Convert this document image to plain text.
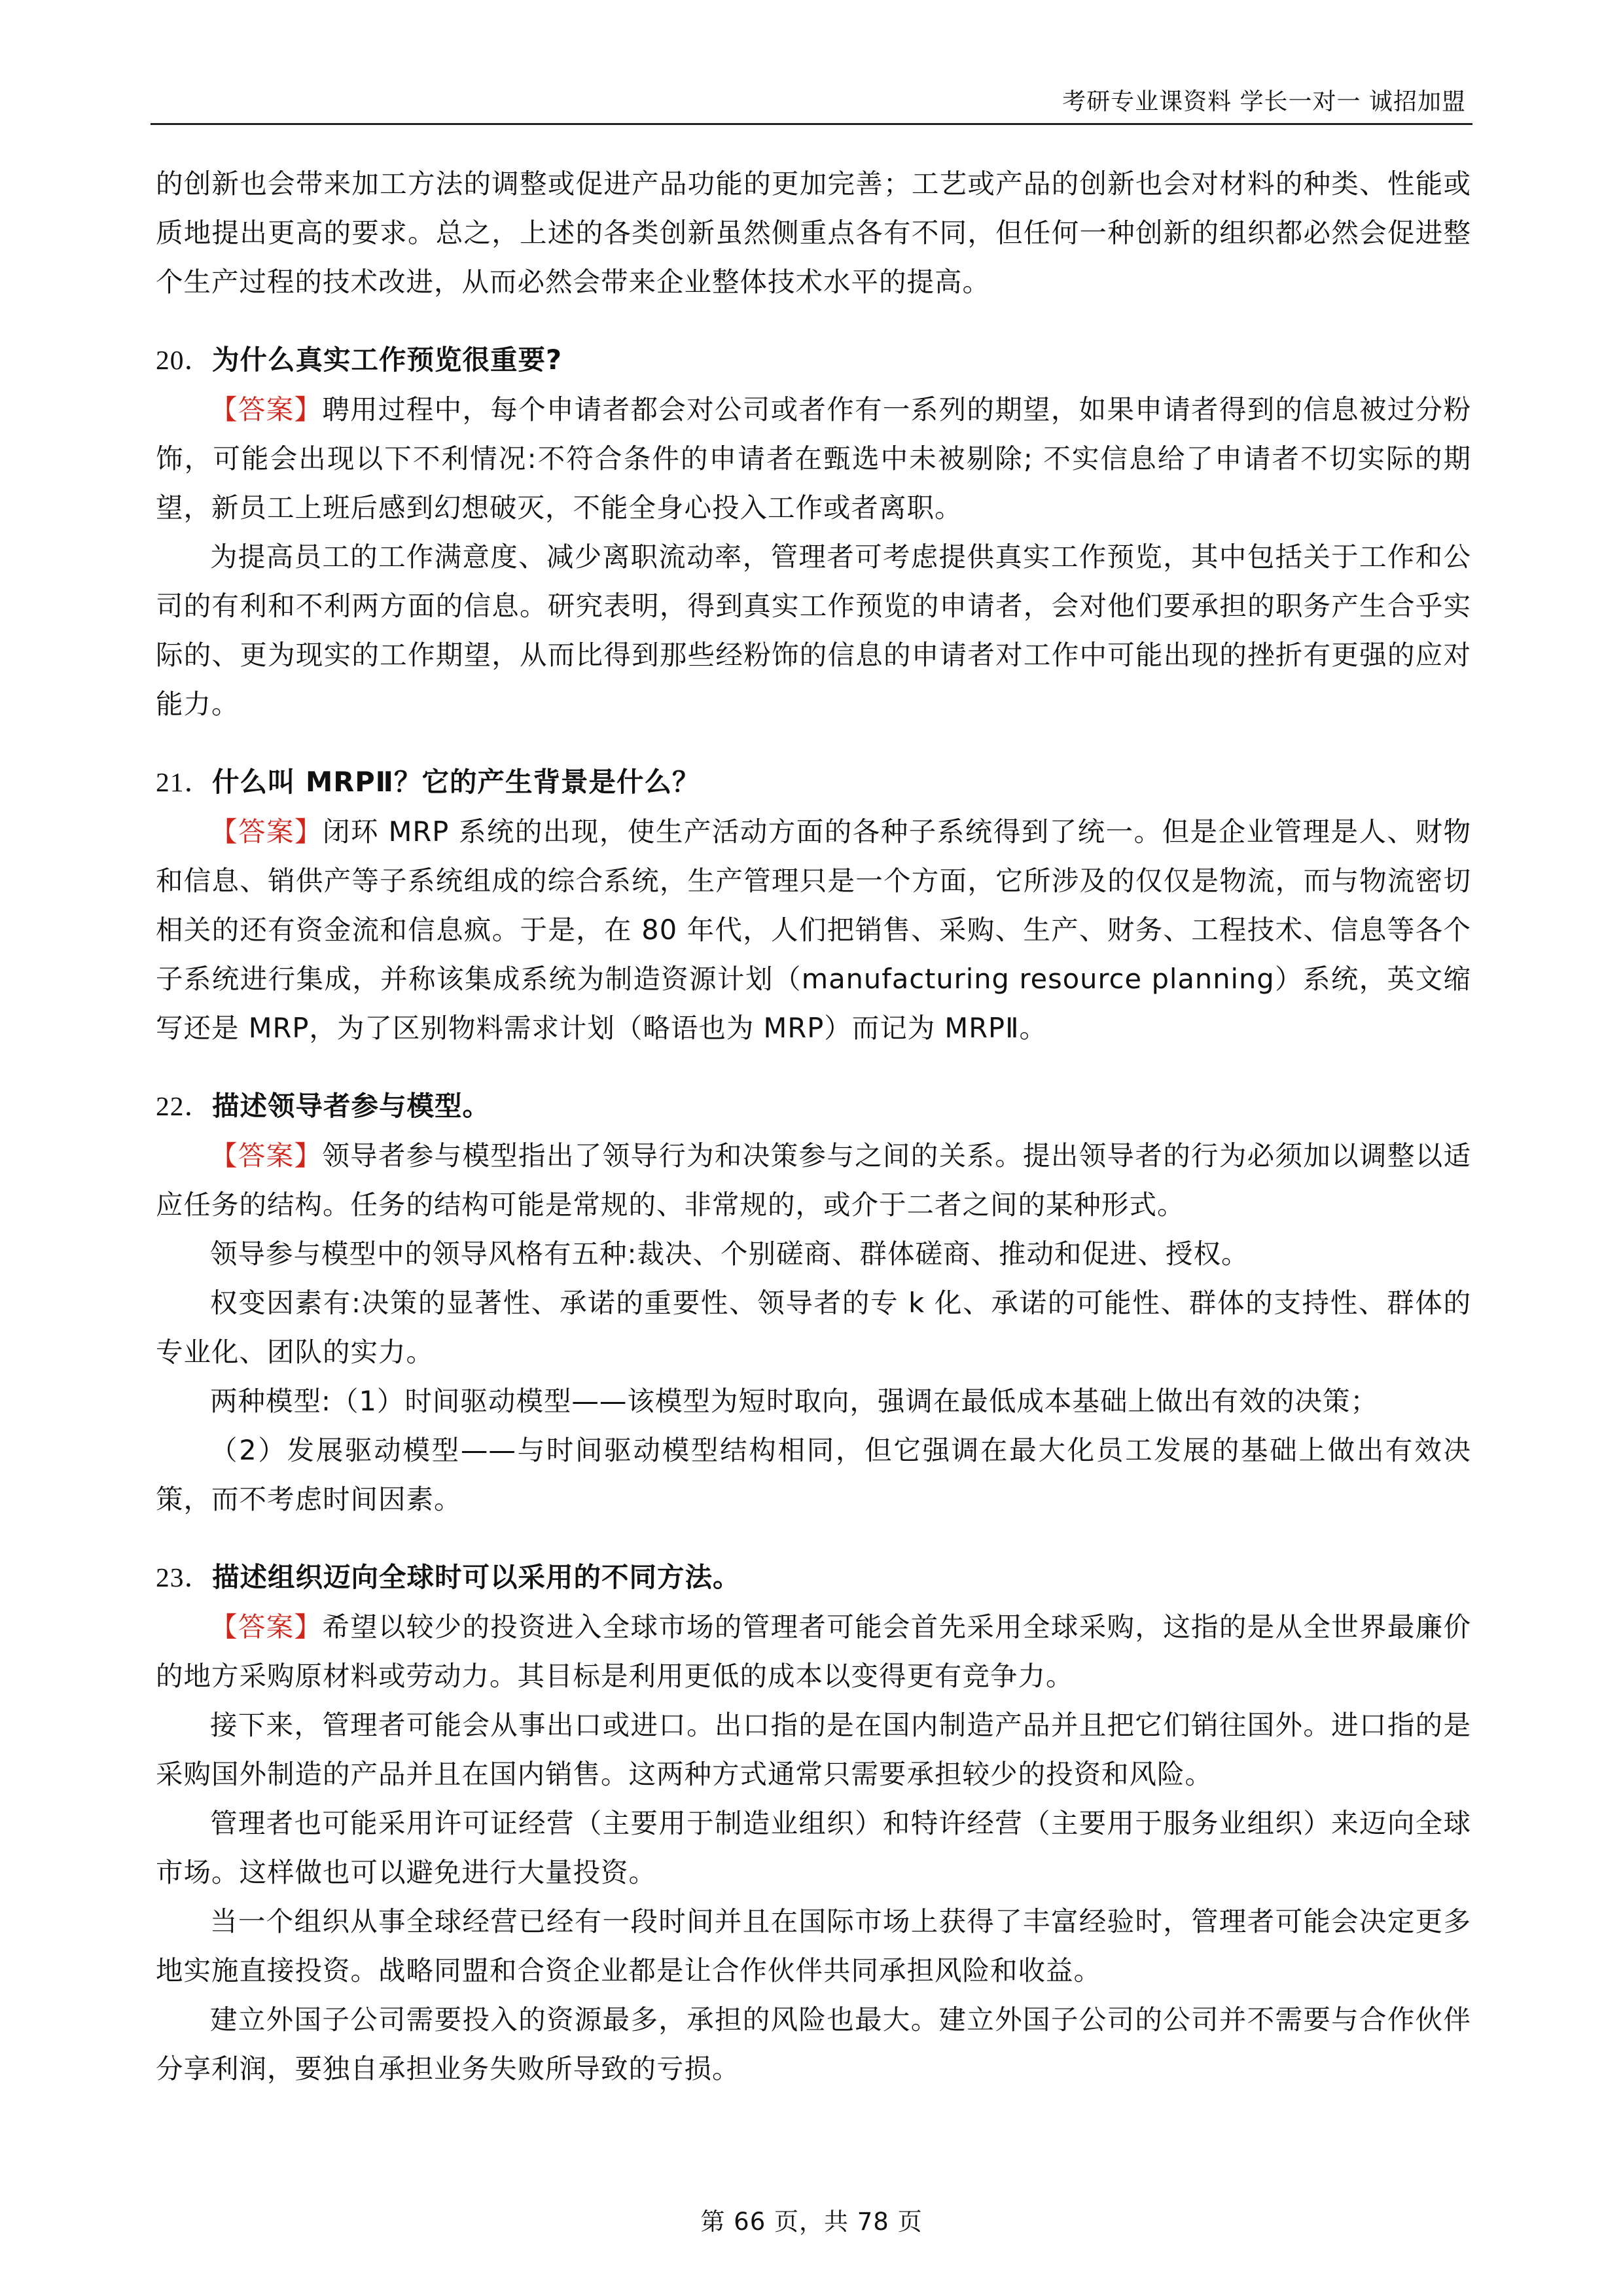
考研专业课资料 学长一对一 诚招加盟

的创新也会带来加工方法的调整或促进产品功能的更加完善；工艺或产品的创新也会对材料的种类、性能或质地提出更高的要求。总之，上述的各类创新虽然侧重点各有不同，但任何一种创新的组织都必然会促进整个生产过程的技术改进，从而必然会带来企业整体技术水平的提高。

20．为什么真实工作预览很重要?

【答案】聘用过程中，每个申请者都会对公司或者作有一系列的期望，如果申请者得到的信息被过分粉饰，可能会出现以下不利情况:不符合条件的申请者在甄选中未被剔除; 不实信息给了申请者不切实际的期望，新员工上班后感到幻想破灭，不能全身心投入工作或者离职。

为提高员工的工作满意度、减少离职流动率，管理者可考虑提供真实工作预览，其中包括关于工作和公司的有利和不利两方面的信息。研究表明，得到真实工作预览的申请者，会对他们要承担的职务产生合乎实际的、更为现实的工作期望，从而比得到那些经粉饰的信息的申请者对工作中可能出现的挫折有更强的应对能力。

21．什么叫 MRPⅡ？它的产生背景是什么？

【答案】闭环 MRP 系统的出现，使生产活动方面的各种子系统得到了统一。但是企业管理是人、财物和信息、销供产等子系统组成的综合系统，生产管理只是一个方面，它所涉及的仅仅是物流，而与物流密切相关的还有资金流和信息疯。于是，在 80 年代，人们把销售、采购、生产、财务、工程技术、信息等各个子系统进行集成，并称该集成系统为制造资源计划（manufacturing resource planning）系统，英文缩写还是 MRP，为了区别物料需求计划（略语也为 MRP）而记为 MRPⅡ。

22．描述领导者参与模型。

【答案】领导者参与模型指出了领导行为和决策参与之间的关系。提出领导者的行为必须加以调整以适应任务的结构。任务的结构可能是常规的、非常规的，或介于二者之间的某种形式。

领导参与模型中的领导风格有五种:裁决、个别磋商、群体磋商、推动和促进、授权。

权变因素有:决策的显著性、承诺的重要性、领导者的专 k 化、承诺的可能性、群体的支持性、群体的专业化、团队的实力。

两种模型:（1）时间驱动模型——该模型为短时取向，强调在最低成本基础上做出有效的决策；

（2）发展驱动模型——与时间驱动模型结构相同，但它强调在最大化员工发展的基础上做出有效决策，而不考虑时间因素。

23．描述组织迈向全球时可以采用的不同方法。

【答案】希望以较少的投资进入全球市场的管理者可能会首先采用全球采购，这指的是从全世界最廉价的地方采购原材料或劳动力。其目标是利用更低的成本以变得更有竞争力。

接下来，管理者可能会从事出口或进口。出口指的是在国内制造产品并且把它们销往国外。进口指的是采购国外制造的产品并且在国内销售。这两种方式通常只需要承担较少的投资和风险。

管理者也可能采用许可证经营（主要用于制造业组织）和特许经营（主要用于服务业组织）来迈向全球市场。这样做也可以避免进行大量投资。

当一个组织从事全球经营已经有一段时间并且在国际市场上获得了丰富经验时，管理者可能会决定更多地实施直接投资。战略同盟和合资企业都是让合作伙伴共同承担风险和收益。

建立外国子公司需要投入的资源最多，承担的风险也最大。建立外国子公司的公司并不需要与合作伙伴分享利润，要独自承担业务失败所导致的亏损。

第 66 页，共 78 页
